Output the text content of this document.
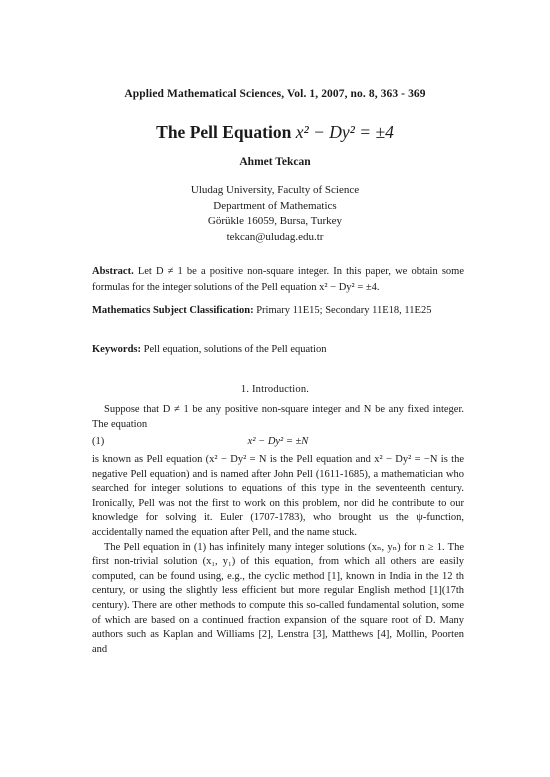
Applied Mathematical Sciences, Vol. 1, 2007, no. 8, 363 - 369
The Pell Equation x² − Dy² = ±4
Ahmet Tekcan
Uludag University, Faculty of Science
Department of Mathematics
Görükle 16059, Bursa, Turkey
tekcan@uludag.edu.tr
Abstract. Let D ≠ 1 be a positive non-square integer. In this paper, we obtain some formulas for the integer solutions of the Pell equation x² − Dy² = ±4.
Mathematics Subject Classification: Primary 11E15; Secondary 11E18, 11E25
Keywords: Pell equation, solutions of the Pell equation
1. Introduction.

Suppose that D ≠ 1 be any positive non-square integer and N be any fixed integer. The equation

(1)	x² − Dy² = ±N

is known as Pell equation (x² − Dy² = N is the Pell equation and x² − Dy² = −N is the negative Pell equation) and is named after John Pell (1611-1685), a mathematician who searched for integer solutions to equations of this type in the seventeenth century. Ironically, Pell was not the first to work on this problem, nor did he contribute to our knowledge for solving it. Euler (1707-1783), who brought us the ψ-function, accidentally named the equation after Pell, and the name stuck.

The Pell equation in (1) has infinitely many integer solutions (xₙ, yₙ) for n ≥ 1. The first non-trivial solution (x₁, y₁) of this equation, from which all others are easily computed, can be found using, e.g., the cyclic method [1], known in India in the 12 th century, or using the slightly less efficient but more regular English method [1](17th century). There are other methods to compute this so-called fundamental solution, some of which are based on a continued fraction expansion of the square root of D. Many authors such as Kaplan and Williams [2], Lenstra [3], Matthews [4], Mollin, Poorten and
